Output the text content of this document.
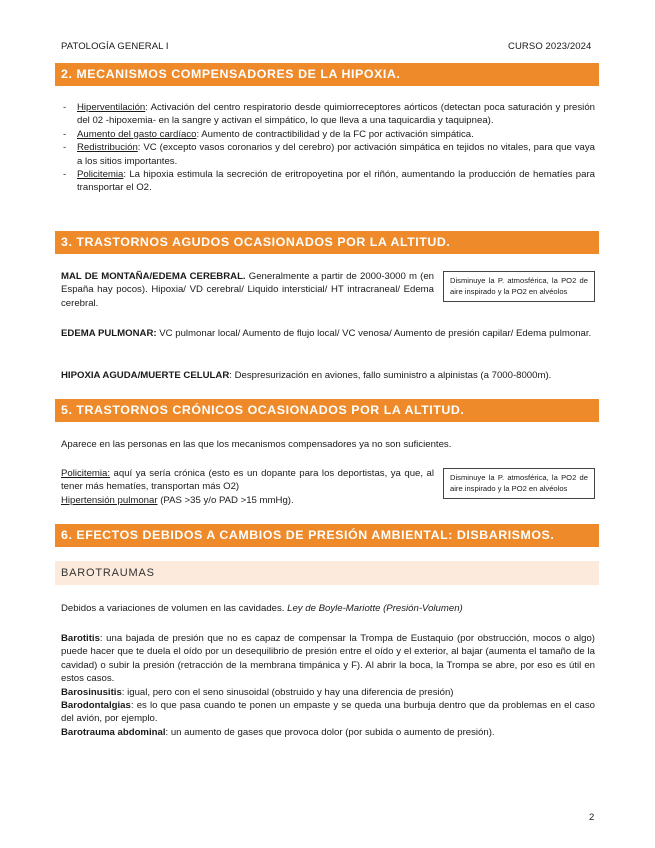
PATOLOGÍA GENERAL I	CURSO 2023/2024
2. MECANISMOS COMPENSADORES DE LA HIPOXIA.
- Hiperventilación: Activación del centro respiratorio desde quimiorreceptores aórticos (detectan poca saturación y presión del 02 -hipoxemia- en la sangre y activan el simpático, lo que lleva a una taquicardia y taquipnea).
- Aumento del gasto cardíaco: Aumento de contractibilidad y de la FC por activación simpática.
- Redistribución: VC (excepto vasos coronarios y del cerebro) por activación simpática en tejidos no vitales, para que vaya a los sitios importantes.
- Policitemia: La hipoxia estimula la secreción de eritropoyetina por el riñón, aumentando la producción de hematíes para transportar el O2.
3. TRASTORNOS AGUDOS OCASIONADOS POR LA ALTITUD.
MAL DE MONTAÑA/EDEMA CEREBRAL. Generalmente a partir de 2000-3000 m (en España hay pocos). Hipoxia/ VD cerebral/ Liquido intersticial/ HT intracraneal/ Edema cerebral.
Disminuye la P. atmosférica, la PO2 de aire inspirado y la PO2 en alvéolos
EDEMA PULMONAR: VC pulmonar local/ Aumento de flujo local/ VC venosa/ Aumento de presión capilar/ Edema pulmonar.
HIPOXIA AGUDA/MUERTE CELULAR: Despresurización en aviones, fallo suministro a alpinistas (a 7000-8000m).
5. TRASTORNOS CRÓNICOS OCASIONADOS POR LA ALTITUD.
Aparece en las personas en las que los mecanismos compensadores ya no son suficientes.
Policitemia: aquí ya sería crónica (esto es un dopante para los deportistas, ya que, al tener más hematíes, transportan más O2)
Hipertensión pulmonar (PAS >35 y/o PAD >15 mmHg).
Disminuye la P. atmosférica, la PO2 de aire inspirado y la PO2 en alvéolos
6. EFECTOS DEBIDOS A CAMBIOS DE PRESIÓN AMBIENTAL: DISBARISMOS.
BAROTRAUMAS
Debidos a variaciones de volumen en las cavidades. Ley de Boyle-Mariotte (Presión-Volumen)
Barotitis: una bajada de presión que no es capaz de compensar la Trompa de Eustaquio (por obstrucción, mocos o algo) puede hacer que te duela el oído por un desequilibrio de presión entre el oído y el exterior, al bajar (aumenta el tamaño de la cavidad) o subir la presión (retracción de la membrana timpánica y F). Al abrir la boca, la Trompa se abre, por eso es útil en estos casos.
Barosinusitis: igual, pero con el seno sinusoidal (obstruido y hay una diferencia de presión)
Barodontalgias: es lo que pasa cuando te ponen un empaste y se queda una burbuja dentro que da problemas en el caso del avión, por ejemplo.
Barotrauma abdominal: un aumento de gases que provoca dolor (por subida o aumento de presión).
2
